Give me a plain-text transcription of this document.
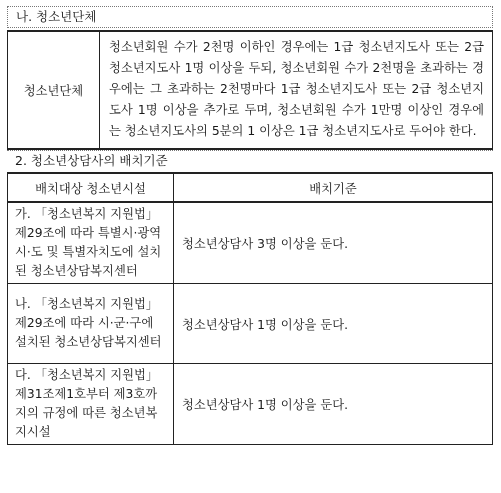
나. 청소년단체
청소년단체	청소년회원 수가 2천명 이하인 경우에는 1급 청소년지도사 또는 2급 청소년지도사 1명 이상을 두되, 청소년회원 수가 2천명을 초과하는 경우에는 그 초과하는 2천명마다 1급 청소년지도사 또는 2급 청소년지도사 1명 이상을 추가로 두며, 청소년회원 수가 1만명 이상인 경우에는 청소년지도사의 5분의 1 이상은 1급 청소년지도사로 두어야 한다.
2. 청소년상담사의 배치기준
배치대상 청소년시설	배치기준
가. 「청소년복지 지원법」 제29조에 따라 특별시·광역시·도 및 특별자치도에 설치된 청소년상담복지센터	청소년상담사 3명 이상을 둔다.
나. 「청소년복지 지원법」 제29조에 따라 시·군·구에 설치된 청소년상담복지센터	청소년상담사 1명 이상을 둔다.
다. 「청소년복지 지원법」 제31조제1호부터 제3호까지의 규정에 따른 청소년복지시설	청소년상담사 1명 이상을 둔다.
